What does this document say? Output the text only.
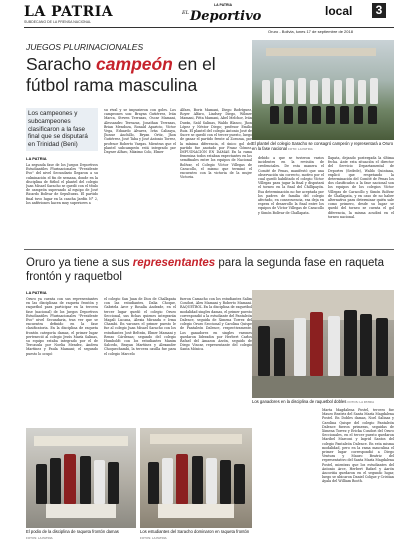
LA PATRIA
SUBDECANO DE LA PRENSA NACIONAL
LA PATRIA
EL Deportivo	local	3
Oruro - Bolivia, lunes 17 de septiembre de 2018
JUEGOS PLURINACIONALES
Saracho campeón en el fútbol rama masculina
Los campeones y subcampeones clasificaron a la fase final que se disputará en Trinidad (Beni)
LA PATRIA
La segunda fase de los Juegos Deportivos Estudiantiles Plurinacionales "Presidente Evo" del nivel Secundario llegaron a su culminación el fin de semana, donde en la disciplina de fútbol el plantel del colegio Juan Misael Saracho se quedó con el título de campeón superando al equipo de José Ricardo Bolívar de Sepulturas. El partido final tuvo lugar en la cancha Jardín N° 2, los anfitriones hacen muy superiores a
su rival y se impusieron con goles. Los campeones son: Brayan Gutiérrez, Iván Marca, Steven Terrazas, Oscar Mamani, Alessandro Terrazas, Jonathan Terrazas, Brian Mendoza, Ronald Aparicio, Víctor Vega, Eduardo Alvarez, Iván Calizaya, Jhosue Anchillo, Bryan Ortiz, Jhon Gutiérrez, José Taba y José Antonio Torrez, profesor Roberto Vargas. Mientras que el plantel subcampeón está integrado por Dayner Alfaro, Máximo Colo, Elmer
Alfaro, Boris Mamani, Diego Rodríguez, Royer Alfaro, Lindsey Diego, Wilmer Mamani, Fitta Mamani, Abel Melchor, Iván Durán, Saúl Salinas, Waldo Blanco, Jhon López y Néstor Diego; profesor Emilio Ruiz. El plantel del colegio Antonio José de Sucre se quedó con el tercer puesto, luego de ganar el partido frente al Zorozaa, por la mínima diferencia, el único gol del partido fue anotado por Franz Gómez. IMPUGNACIÓN EN DAMAS En la rama femenina todos estaban expectantes en los semifinales entre los equipos de Nacional Bolívar, el Colegio Víctor Villegas de Caracollo, el mismo que terminó el encuentro con la victoria de la mujer Victoria.
El plantel del colegio Saracho se consagró campeón y representará a Oruro en la fase nacional FOTO: LA PATRIA
debido a que se tuvieron varios incidentes en la revisión de credenciales. De esta manera el Comité de Penas, manifestó que una observación sin correcto, motivo por el cual quedó habilitado el colegio Víctor Villegas para jugar la final y disputará el torneo en la final del Chillipayón. Esa determinación no fue aceptada por los padres de familia del colegio afectado, en consecuencia, esa deja en espera el desarrollo la final entre los equipos de Víctor Villegas de Caracollo y Simón Bolívar de Challapata.
llapata, dejando postergada la última fecha. Ante esta situación el director del Servicio Departamental de Deportes (Sedede), Waldo Quintana, explicó que respetando la determinación del Comité de Penas los dos clasificados a la fase nacional son los equipos de los colegios Víctor Villegas de Caracollo y Simón Bolívar de Challapata, y en caso de no haber alternativa para determinar quién sale como primero, desde su lugar se quedó del torneo se cuenta el gol diferencia, la misma acudirá en el torneo nacional.
Oruro ya tiene a sus representantes para la segunda fase en raqueta frontón y raquetbol
LA PATRIA
Oruro ya cuenta con sus representantes en las disciplinas de raqueta frontón y raquetbol para participar en la tercera fase (nacional) de los Juegos Deportivos Estudiantiles Plurinacionales "Presidente Evo" nivel Secundaria, tras ver que se encuentra definido en la fase clasificatoria. En la disciplina de raqueta frontón categoría damas, el primer lugar perteneció al colegio Jesús María Salinas, su equipo estaba integrado por el de Tercasula por Noelia Mendez, Andrea Martínez y Paula Mamani; el segundo puesto lo ocupó
el colegio San Juan de Dios de Challapata con las estudiantes, Dalia Choque, Gabriela Arce y Rosalía Andrade, en el tercer lugar quedó el colegio Oruro Seccional, sus fichas quienes integrarán Magali Lucana, Alexia Miranda e Irma Chambi. En varones el primer puesto le fue al colegio Juan Misael Saracho con los estudiantes José Beltrán, Elmer Mamani y Renzo Cárdenas; segundo del colegio Humboldt con los estudiantes Maxim Salcedo, Brayan Martínez y Alexander Choquechambi, la tercera casilla fue para el colegio Marcelo
fueron Camacho con los estudiantes Salim Condori, Alex Mamani y Roberto Mamani. RAQUETBOL En la disciplina de raquetbol modalidad singles damas, el primer puesto correspondió a la estudiante del Pantaleón Dalence, seguida de Ximena Torrez del colegio Oruro Seccional y Carolina Quispe de Pantaleón Dalence, respectivamente. Los ganadores en singles varones quedaron liderados por Herbert Carlos Rafael del Amazon Arzón, seguido de Diego Vincar, representante del colegio Santa Mónica.
Los ganadores en la disciplina de raquetbol dobles FOTOS: LA PATRIA
El podio de la disciplina de raqueta frontón damas
FOTOS: LA PATRIA
Los estudiantes del Saracho dominaron en raqueta frontón
FOTOS: LA PATRIA
Marta Magdalena Postel, tercero fue Mauro Beatriz del Santa María Magdalena Postel. En Dobles damas, Noel Salinas y Carolina Quispe del colegio Pantaleón Dalence fueron primeras, seguidas de Ximena Torrez y Ericka Condori del Oruro Seccionales, en el tercer puesto quedaron Maribel Marconi y Ingrid Santos del colegio Pantaleón Dalence. En esta misma modalidad, pero en la rama masculina el primer lugar correspondió a Diego Ventura y Mauro Beatriz del representativo del Santa María Magdalena Postel, mientras que los estudiantes del Antonio Arce, Herbert Rafael y Aarón Ancoriña quedaron en el segundo lugar, luego se ubicaron Daniel Colque y Cristian Ayala del William Booth.
